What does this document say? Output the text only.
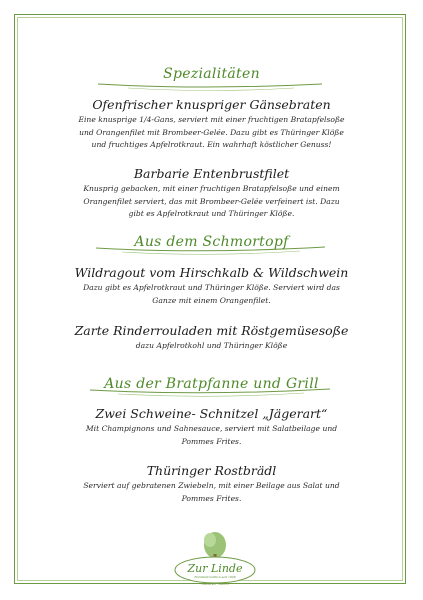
Spezialitäten

Ofenfrischer knuspriger Gänsebraten

Eine knusprige 1/4-Gans, serviert mit einer fruchtigen Bratapfelsoße
und Orangenfilet mit Brombeer-Gelée. Dazu gibt es Thüringer Klöße
und fruchtiges Apfelrotkraut. Ein wahrhaft köstlicher Genuss!

Barbarie Entenbrustfilet

Knusprig gebacken, mit einer fruchtigen Bratapfelsoße und einem
Orangenfilet serviert, das mit Brombeer-Gelée verfeinert ist. Dazu
gibt es Apfelrotkraut und Thüringer Klöße.

Aus dem Schmortopf

Wildragout vom Hirschkalb & Wildschwein

Dazu gibt es Apfelrotkraut und Thüringer Klöße. Serviert wird das
Ganze mit einem Orangenfilet.

Zarte Rinderrouladen mit Röstgemüsesoße

dazu Apfelrotkohl und Thüringer Klöße

Aus der Bratpfanne und Grill

Zwei Schweine- Schnitzel „Jägerart“

Mit Champignons und Sahnesauce, serviert mit Salatbeilage und
Pommes Frites.

Thüringer Rostbrädl

Serviert auf gebratenen Zwiebeln, mit einer Beilage aus Salat und
Pommes Frites.

Zur Linde
Familientradition seit 1926
Restaurant · Gasthof
